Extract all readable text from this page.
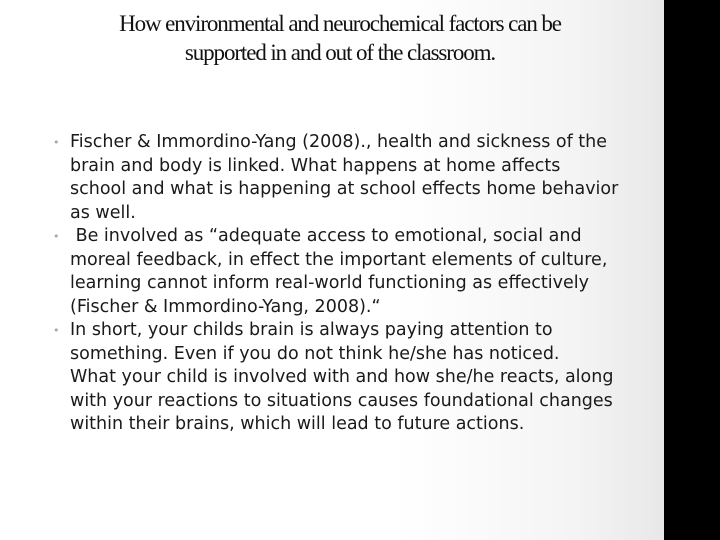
How environmental and neurochemical factors can be
supported in and out of the classroom.
• Fischer & Immordino-Yang (2008)., health and sickness of the
brain and body is linked. What happens at home affects
school and what is happening at school effects home behavior
as well.
• Be involved as “adequate access to emotional, social and
moreal feedback, in effect the important elements of culture,
learning cannot inform real-world functioning as effectively
(Fischer & Immordino-Yang, 2008).“
• In short, your childs brain is always paying attention to
something. Even if you do not think he/she has noticed.
What your child is involved with and how she/he reacts, along
with your reactions to situations causes foundational changes
within their brains, which will lead to future actions.
